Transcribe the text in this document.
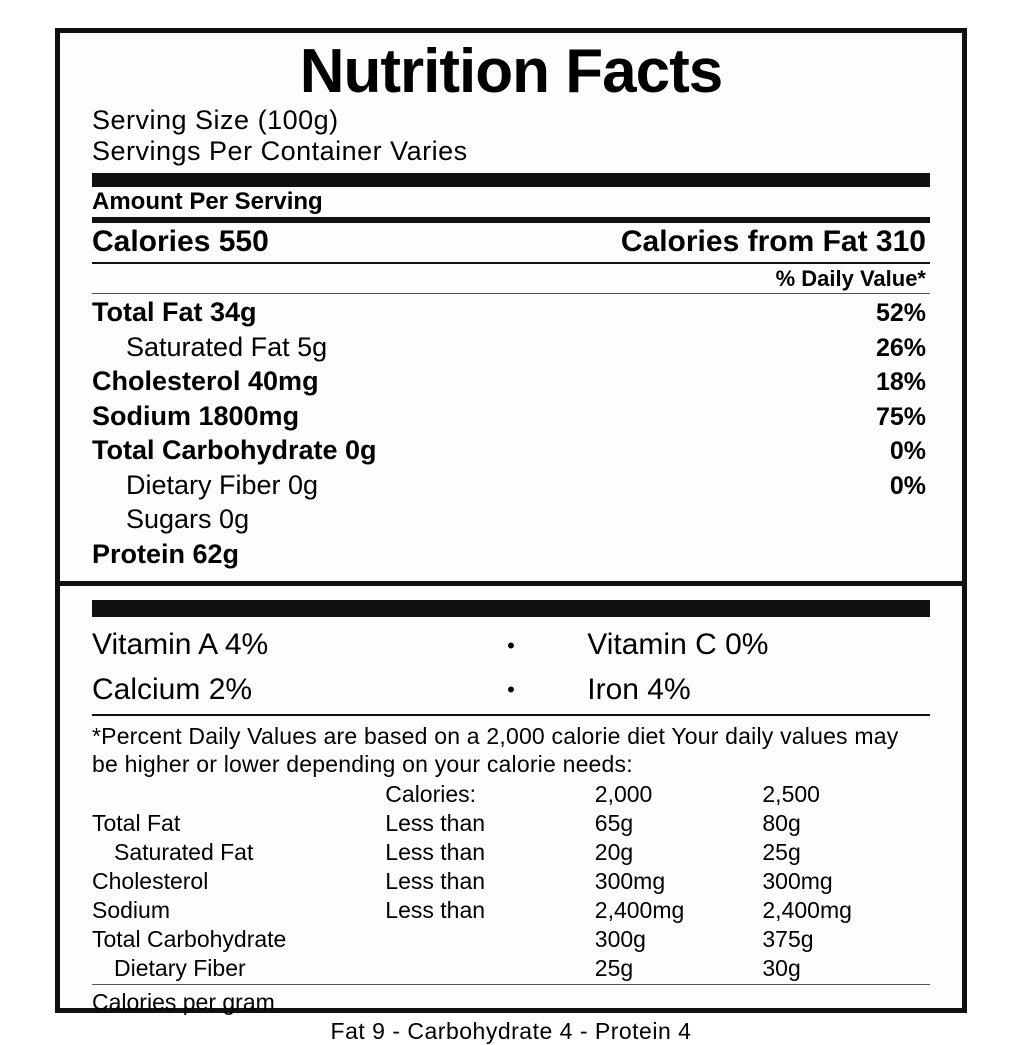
Nutrition Facts
Serving Size (100g)
Servings Per Container Varies
Amount Per Serving
Calories 550	Calories from Fat 310
% Daily Value*
Total Fat 34g	52%
Saturated Fat 5g	26%
Cholesterol 40mg	18%
Sodium 1800mg	75%
Total Carbohydrate 0g	0%
Dietary Fiber 0g	0%
Sugars 0g
Protein 62g
Vitamin A 4%	•	Vitamin C 0%
Calcium 2%	•	Iron 4%
*Percent Daily Values are based on a 2,000 calorie diet Your daily values may be higher or lower depending on your calorie needs:
	Calories:	2,000	2,500
Total Fat	Less than	65g	80g
Saturated Fat	Less than	20g	25g
Cholesterol	Less than	300mg	300mg
Sodium	Less than	2,400mg	2,400mg
Total Carbohydrate		300g	375g
Dietary Fiber		25g	30g
Calories per gram
Fat 9 - Carbohydrate 4 - Protein 4
